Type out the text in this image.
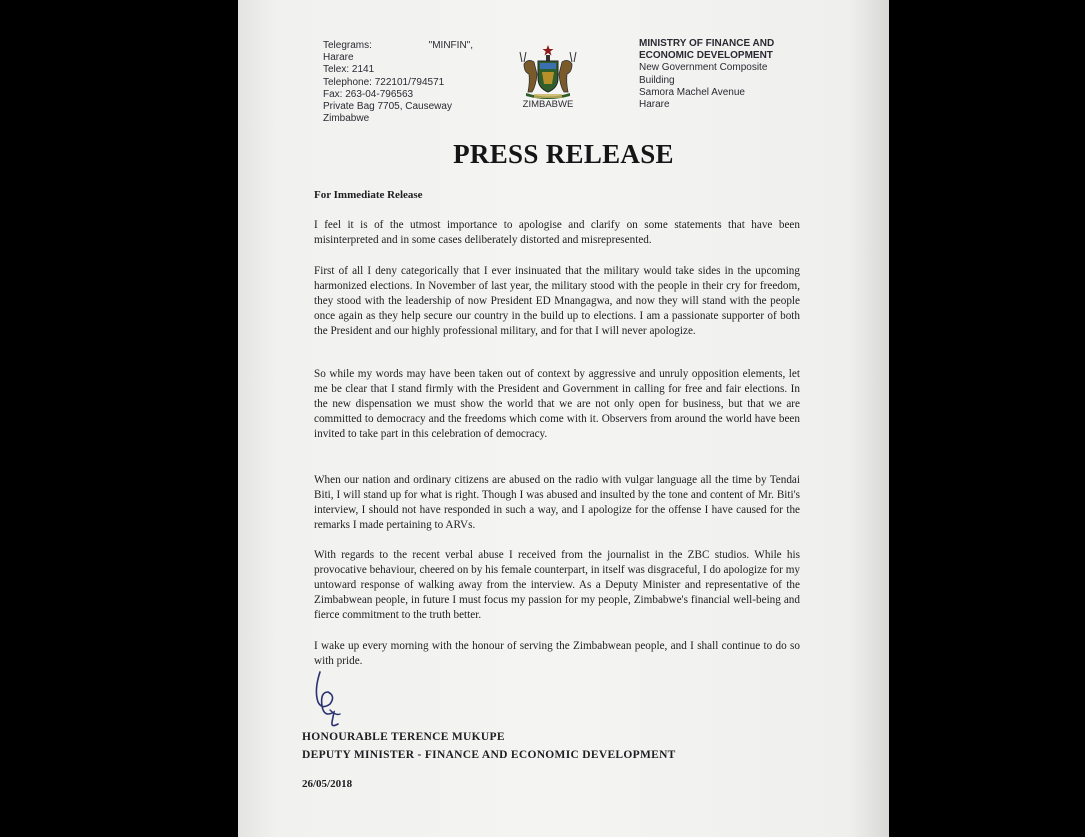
Telegrams:	"MINFIN",
Harare
Telex: 2141
Telephone: 722101/794571
Fax: 263-04-796563
Private Bag 7705, Causeway
Zimbabwe
ZIMBABWE
MINISTRY OF FINANCE AND
ECONOMIC DEVELOPMENT
New Government Composite
Building
Samora Machel Avenue
Harare
PRESS RELEASE
For Immediate Release
I feel it is of the utmost importance to apologise and clarify on some statements that have been misinterpreted and in some cases deliberately distorted and misrepresented.
First of all I deny categorically that I ever insinuated that the military would take sides in the upcoming harmonized elections. In November of last year, the military stood with the people in their cry for freedom, they stood with the leadership of now President ED Mnangagwa, and now they will stand with the people once again as they help secure our country in the build up to elections. I am a passionate supporter of both the President and our highly professional military, and for that I will never apologize.
So while my words may have been taken out of context by aggressive and unruly opposition elements, let me be clear that I stand firmly with the President and Government in calling for free and fair elections. In the new dispensation we must show the world that we are not only open for business, but that we are committed to democracy and the freedoms which come with it. Observers from around the world have been invited to take part in this celebration of democracy.
When our nation and ordinary citizens are abused on the radio with vulgar language all the time by Tendai Biti, I will stand up for what is right. Though I was abused and insulted by the tone and content of Mr. Biti's interview, I should not have responded in such a way, and I apologize for the offense I have caused for the remarks I made pertaining to ARVs.
With regards to the recent verbal abuse I received from the journalist in the ZBC studios. While his provocative behaviour, cheered on by his female counterpart, in itself was disgraceful, I do apologize for my untoward response of walking away from the interview. As a Deputy Minister and representative of the Zimbabwean people, in future I must focus my passion for my people, Zimbabwe's financial well-being and fierce commitment to the truth better.
I wake up every morning with the honour of serving the Zimbabwean people, and I shall continue to do so with pride.
HONOURABLE TERENCE MUKUPE
DEPUTY MINISTER - FINANCE AND ECONOMIC DEVELOPMENT
26/05/2018
